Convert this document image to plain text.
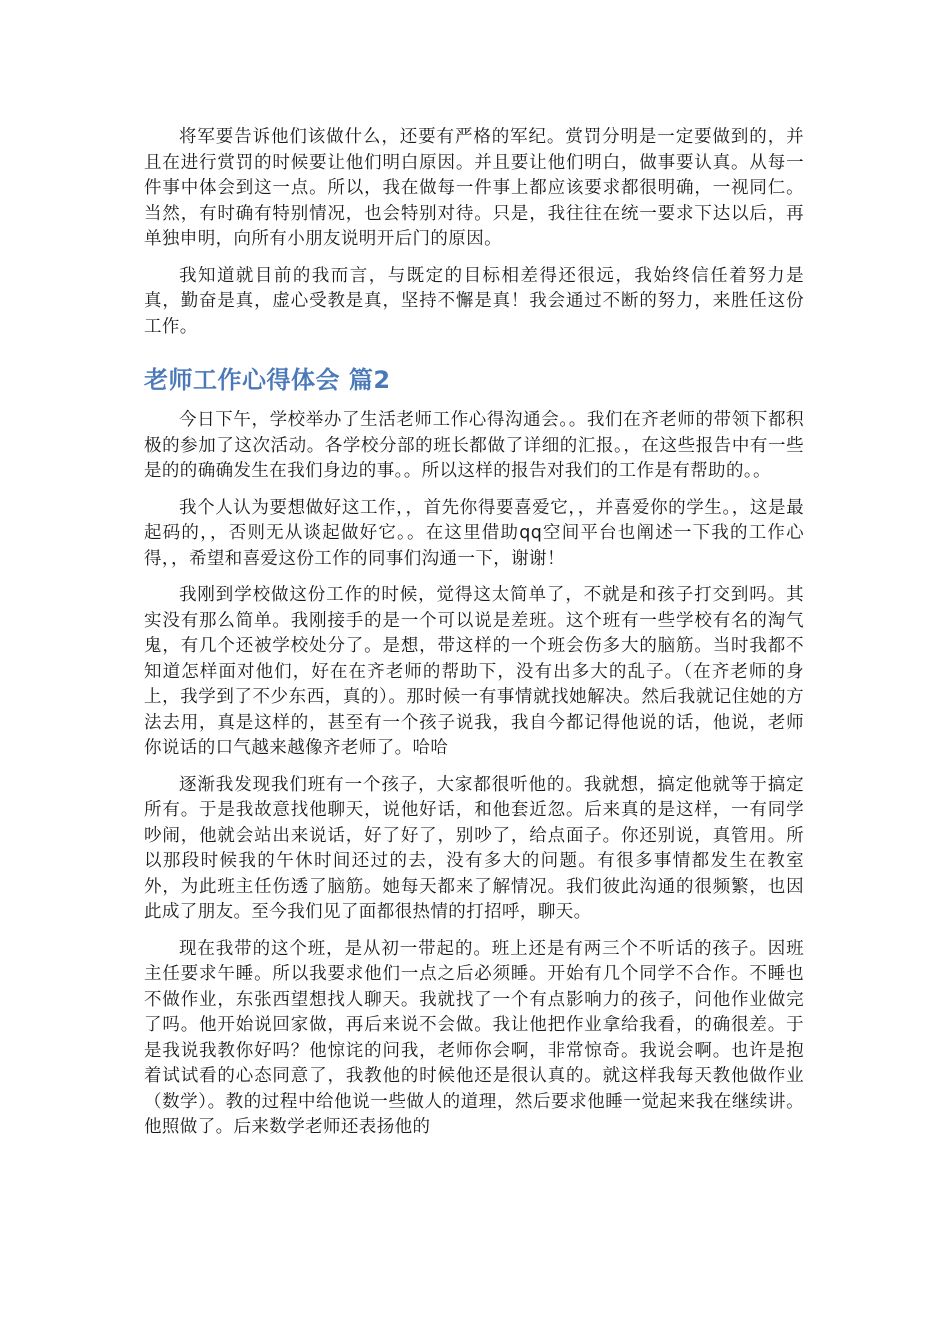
将军要告诉他们该做什么，还要有严格的军纪。赏罚分明是一定要做到的，并且在进行赏罚的时候要让他们明白原因。并且要让他们明白，做事要认真。从每一件事中体会到这一点。所以，我在做每一件事上都应该要求都很明确，一视同仁。当然，有时确有特别情况，也会特别对待。只是，我往往在统一要求下达以后，再单独申明，向所有小朋友说明开后门的原因。

我知道就目前的我而言，与既定的目标相差得还很远，我始终信任着努力是真，勤奋是真，虚心受教是真，坚持不懈是真！我会通过不断的努力，来胜任这份工作。

老师工作心得体会 篇2

今日下午，学校举办了生活老师工作心得沟通会。。我们在齐老师的带领下都积极的参加了这次活动。各学校分部的班长都做了详细的汇报。，在这些报告中有一些是的的确确发生在我们身边的事。。所以这样的报告对我们的工作是有帮助的。。

我个人认为要想做好这工作，，首先你得要喜爱它，，并喜爱你的学生。，这是最起码的，，否则无从谈起做好它。。在这里借助qq空间平台也阐述一下我的工作心得，，希望和喜爱这份工作的同事们沟通一下，谢谢！

我刚到学校做这份工作的时候，觉得这太简单了，不就是和孩子打交到吗。其实没有那么简单。我刚接手的是一个可以说是差班。这个班有一些学校有名的淘气鬼，有几个还被学校处分了。是想，带这样的一个班会伤多大的脑筋。当时我都不知道怎样面对他们，好在在齐老师的帮助下，没有出多大的乱子。（在齐老师的身上，我学到了不少东西，真的）。那时候一有事情就找她解决。然后我就记住她的方法去用，真是这样的，甚至有一个孩子说我，我自今都记得他说的话，他说，老师你说话的口气越来越像齐老师了。哈哈

逐渐我发现我们班有一个孩子，大家都很听他的。我就想，搞定他就等于搞定所有。于是我故意找他聊天，说他好话，和他套近忽。后来真的是这样，一有同学吵闹，他就会站出来说话，好了好了，别吵了，给点面子。你还别说，真管用。所以那段时候我的午休时间还过的去，没有多大的问题。有很多事情都发生在教室外，为此班主任伤透了脑筋。她每天都来了解情况。我们彼此沟通的很频繁，也因此成了朋友。至今我们见了面都很热情的打招呼，聊天。

现在我带的这个班，是从初一带起的。班上还是有两三个不听话的孩子。因班主任要求午睡。所以我要求他们一点之后必须睡。开始有几个同学不合作。不睡也不做作业，东张西望想找人聊天。我就找了一个有点影响力的孩子，问他作业做完了吗。他开始说回家做，再后来说不会做。我让他把作业拿给我看，的确很差。于是我说我教你好吗？他惊诧的问我，老师你会啊，非常惊奇。我说会啊。也许是抱着试试看的心态同意了，我教他的时候他还是很认真的。就这样我每天教他做作业（数学）。教的过程中给他说一些做人的道理，然后要求他睡一觉起来我在继续讲。他照做了。后来数学老师还表扬他的
